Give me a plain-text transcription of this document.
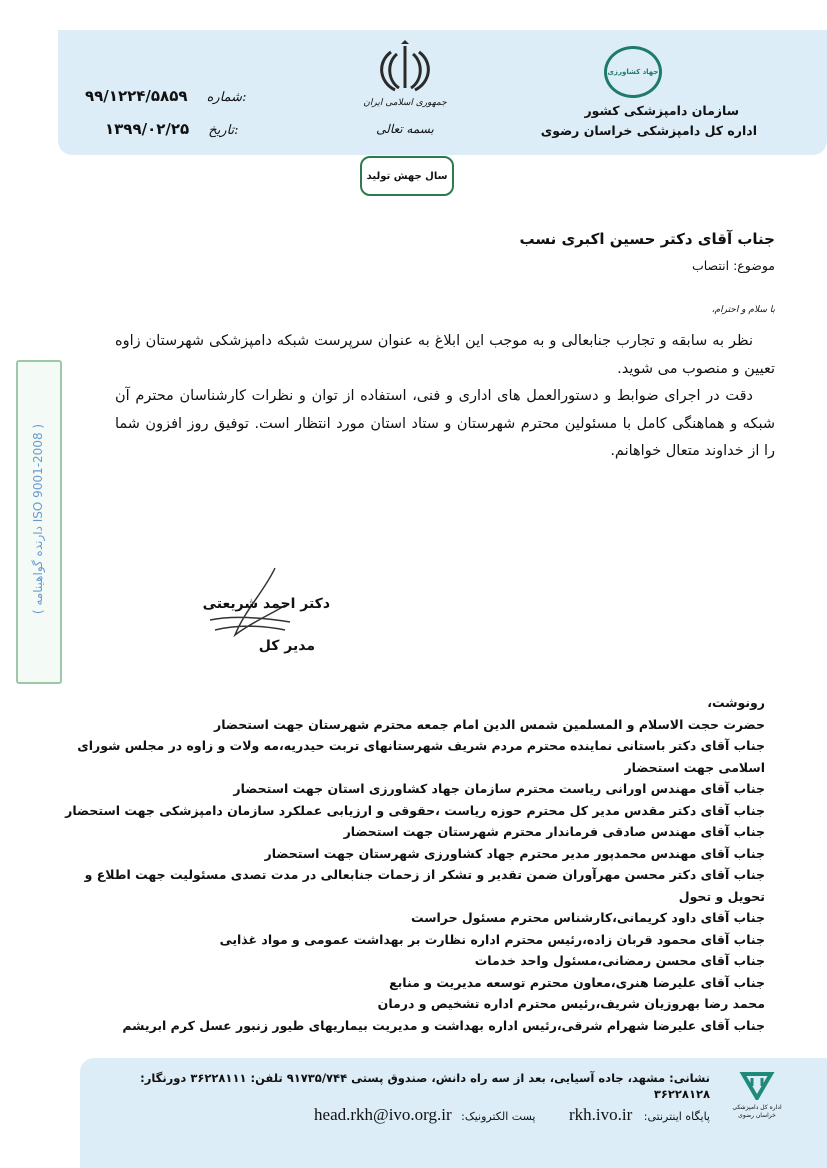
۹۹/۱۲۲۴/۵۸۵۹ شماره:
۱۳۹۹/۰۲/۲۵ تاریخ:
جمهوری اسلامی ایران
بسمه تعالی
سال جهش تولید
جهاد کشاورزی
سازمان دامپزشکی کشور
اداره کل دامپزشکی خراسان رضوی
جناب آقای دکتر حسین اکبری نسب
موضوع: انتصاب
با سلام و احترام،

نظر به سابقه و تجارب جنابعالی و به موجب این ابلاغ به عنوان سرپرست شبکه دامپزشکی شهرستان زاوه تعیین و منصوب می شوید.

دقت در اجرای ضوابط و دستورالعمل های اداری و فنی، استفاده از توان و نظرات کارشناسان محترم آن شبکه و هماهنگی کامل با مسئولین محترم شهرستان و ستاد استان مورد انتظار است. توفیق روز افزون شما را از خداوند متعال خواهانم.

دکتر احمد شریعتی
مدیر کل
( دارنده گواهینامه ISO 9001-2008 )
رونوشت،
حضرت حجت الاسلام و المسلمین شمس الدین امام جمعه محترم شهرستان جهت استحضار
جناب آقای دکتر باستانی نماینده محترم مردم شریف شهرستانهای تربت حیدریه،مه ولات و زاوه در مجلس شورای اسلامی جهت استحضار
جناب آقای مهندس اورانی ریاست محترم سازمان جهاد کشاورزی استان جهت استحضار
جناب آقای دکتر مقدس مدیر کل محترم حوزه ریاست ،حقوقی و ارزیابی عملکرد سازمان دامپزشکی جهت استحضار
جناب آقای مهندس صادقی فرماندار محترم شهرستان جهت استحضار
جناب آقای مهندس محمدپور مدیر محترم جهاد کشاورزی شهرستان جهت استحضار
جناب آقای دکتر محسن مهرآوران ضمن تقدیر و تشکر از زحمات جنابعالی در مدت تصدی مسئولیت جهت اطلاع و تحویل و تحول
جناب آقای داود کریمانی،کارشناس محترم مسئول حراست
جناب آقای محمود قربان زاده،رئیس محترم اداره نظارت بر بهداشت عمومی و مواد غذایی
جناب آقای محسن رمضانی،مسئول واحد خدمات
جناب آقای علیرضا هنری،معاون محترم توسعه مدیریت و منابع
محمد رضا بهروزیان شریف،رئیس محترم اداره تشخیص و درمان
جناب آقای علیرضا شهرام شرقی،رئیس اداره بهداشت و مدیریت بیماریهای طیور زنبور عسل کرم ابریشم
اداره کل دامپزشکی خراسان رضوی
نشانی: مشهد، جاده آسیایی، بعد از سه راه دانش، صندوق پستی ۹۱۷۳۵/۷۴۴ تلفن: ۳۶۲۲۸۱۱۱ دورنگار: ۳۶۲۲۸۱۲۸
پایگاه اینترنتی: rkh.ivo.ir پست الکترونیک: head.rkh@ivo.org.ir
